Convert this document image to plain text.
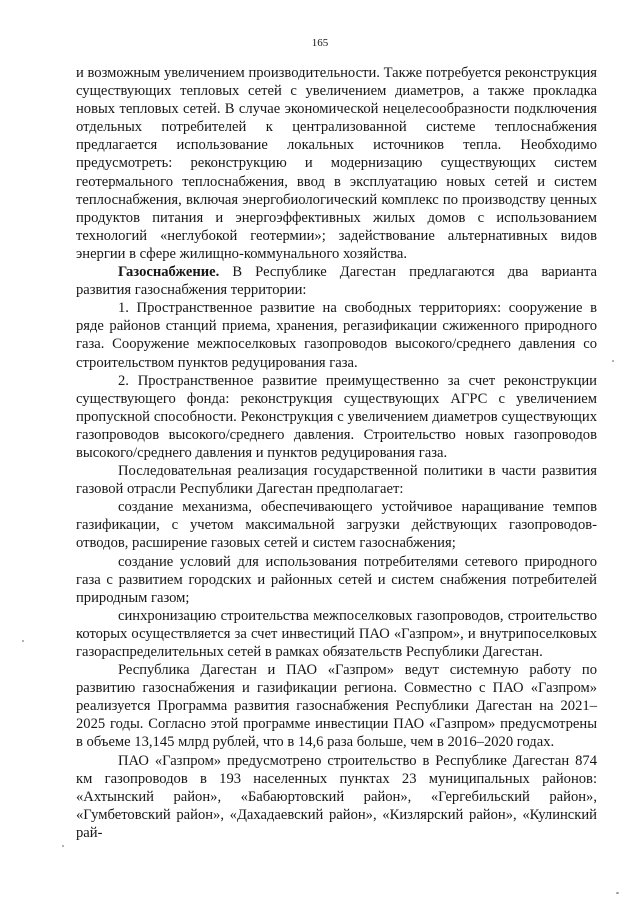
165

и возможным увеличением производительности. Также потребуется реконструкция существующих тепловых сетей с увеличением диаметров, а также прокладка новых тепловых сетей. В случае экономической нецелесообразности подключения отдельных потребителей к централизованной системе теплоснабжения предлагается использование локальных источников тепла. Необходимо предусмотреть: реконструкцию и модернизацию существующих систем геотермального теплоснабжения, ввод в эксплуатацию новых сетей и систем теплоснабжения, включая энергобиологический комплекс по производству ценных продуктов питания и энергоэффективных жилых домов с использованием технологий «неглубокой геотермии»; задействование альтернативных видов энергии в сфере жилищно-коммунального хозяйства.

Газоснабжение. В Республике Дагестан предлагаются два варианта развития газоснабжения территории:

1. Пространственное развитие на свободных территориях: сооружение в ряде районов станций приема, хранения, регазификации сжиженного природного газа. Сооружение межпоселковых газопроводов высокого/среднего давления со строительством пунктов редуцирования газа.

2. Пространственное развитие преимущественно за счет реконструкции существующего фонда: реконструкция существующих АГРС с увеличением пропускной способности. Реконструкция с увеличением диаметров существующих газопроводов высокого/среднего давления. Строительство новых газопроводов высокого/среднего давления и пунктов редуцирования газа.

Последовательная реализация государственной политики в части развития газовой отрасли Республики Дагестан предполагает:

создание механизма, обеспечивающего устойчивое наращивание темпов газификации, с учетом максимальной загрузки действующих газопроводов-отводов, расширение газовых сетей и систем газоснабжения;

создание условий для использования потребителями сетевого природного газа с развитием городских и районных сетей и систем снабжения потребителей природным газом;

синхронизацию строительства межпоселковых газопроводов, строительство которых осуществляется за счет инвестиций ПАО «Газпром», и внутрипоселковых газораспределительных сетей в рамках обязательств Республики Дагестан.

Республика Дагестан и ПАО «Газпром» ведут системную работу по развитию газоснабжения и газификации региона. Совместно с ПАО «Газпром» реализуется Программа развития газоснабжения Республики Дагестан на 2021–2025 годы. Согласно этой программе инвестиции ПАО «Газпром» предусмотрены в объеме 13,145 млрд рублей, что в 14,6 раза больше, чем в 2016–2020 годах.

ПАО «Газпром» предусмотрено строительство в Республике Дагестан 874 км газопроводов в 193 населенных пунктах 23 муниципальных районов: «Ахтынский район», «Бабаюртовский район», «Гергебильский район», «Гумбетовский район», «Дахадаевский район», «Кизлярский район», «Кулинский рай-
